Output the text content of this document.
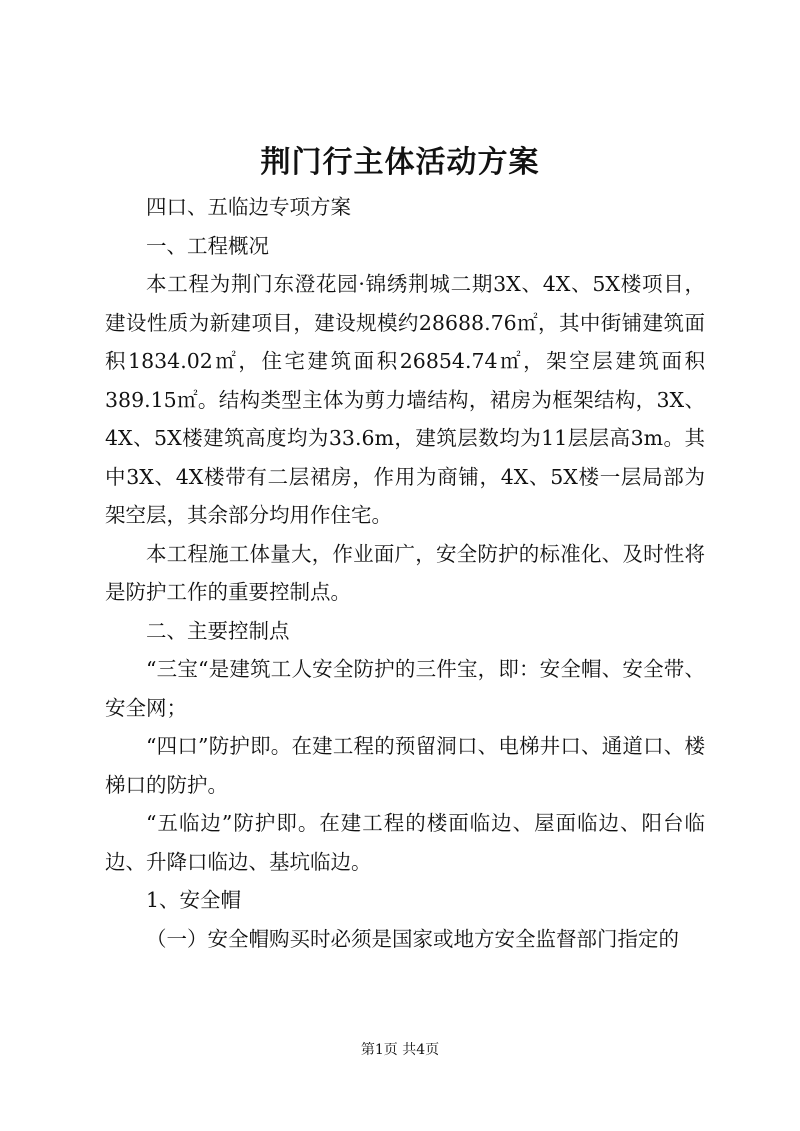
荆门行主体活动方案

四口、五临边专项方案

一、工程概况

本工程为荆门东澄花园·锦绣荆城二期3X、4X、5X楼项目，建设性质为新建项目，建设规模约28688.76㎡，其中街铺建筑面积1834.02㎡，住宅建筑面积26854.74㎡，架空层建筑面积389.15㎡。结构类型主体为剪力墙结构，裙房为框架结构，3X、4X、5X楼建筑高度均为33.6m，建筑层数均为11层层高3m。其中3X、4X楼带有二层裙房，作用为商铺，4X、5X楼一层局部为架空层，其余部分均用作住宅。

本工程施工体量大，作业面广，安全防护的标准化、及时性将是防护工作的重要控制点。

二、主要控制点

“三宝“是建筑工人安全防护的三件宝，即：安全帽、安全带、安全网；

“四口”防护即。在建工程的预留洞口、电梯井口、通道口、楼梯口的防护。

“五临边”防护即。在建工程的楼面临边、屋面临边、阳台临边、升降口临边、基坑临边。

1、安全帽

（一）安全帽购买时必须是国家或地方安全监督部门指定的

第1页 共4页
